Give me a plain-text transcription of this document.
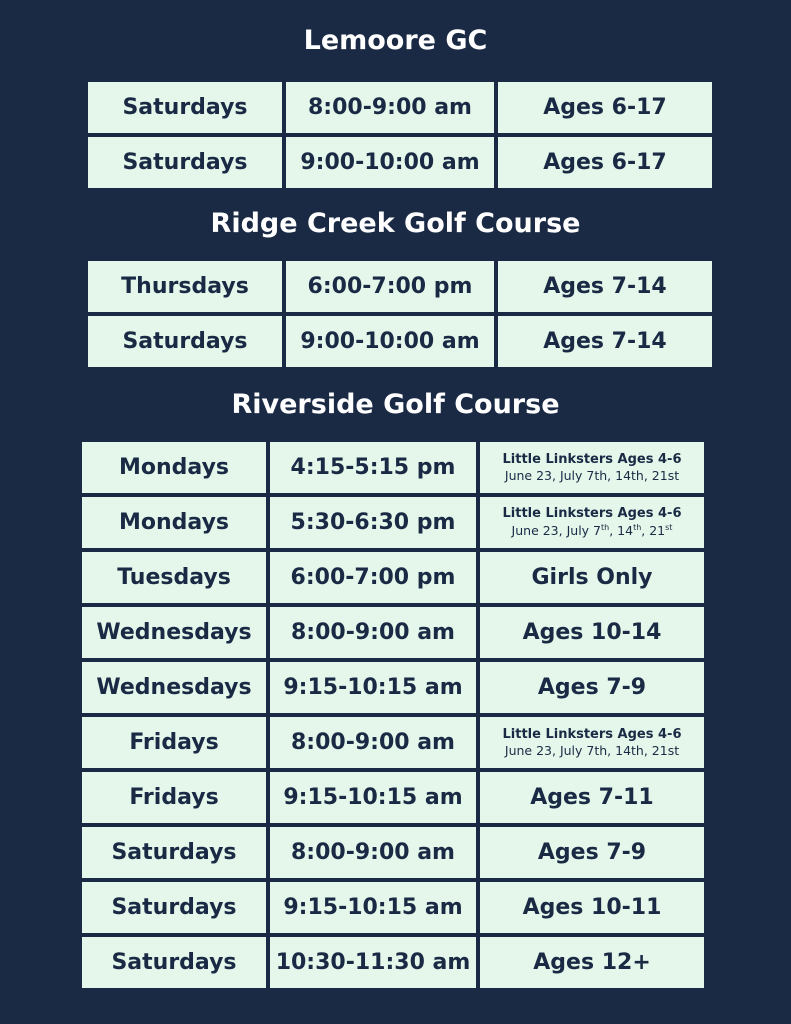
Lemoore GC
Saturdays	8:00-9:00 am	Ages 6-17
Saturdays	9:00-10:00 am	Ages 6-17
Ridge Creek Golf Course
Thursdays	6:00-7:00 pm	Ages 7-14
Saturdays	9:00-10:00 am	Ages 7-14
Riverside Golf Course
Mondays	4:15-5:15 pm	Little Linksters Ages 4-6
June 23, July 7th, 14th, 21st

Mondays	5:30-6:30 pm	Little Linksters Ages 4-6
June 23, July 7th, 14th, 21st

Tuesdays	6:00-7:00 pm	Girls Only
Wednesdays	8:00-9:00 am	Ages 10-14
Wednesdays	9:15-10:15 am	Ages 7-9
Fridays	8:00-9:00 am	Little Linksters Ages 4-6
June 23, July 7th, 14th, 21st

Fridays	9:15-10:15 am	Ages 7-11
Saturdays	8:00-9:00 am	Ages 7-9
Saturdays	9:15-10:15 am	Ages 10-11
Saturdays	10:30-11:30 am	Ages 12+
